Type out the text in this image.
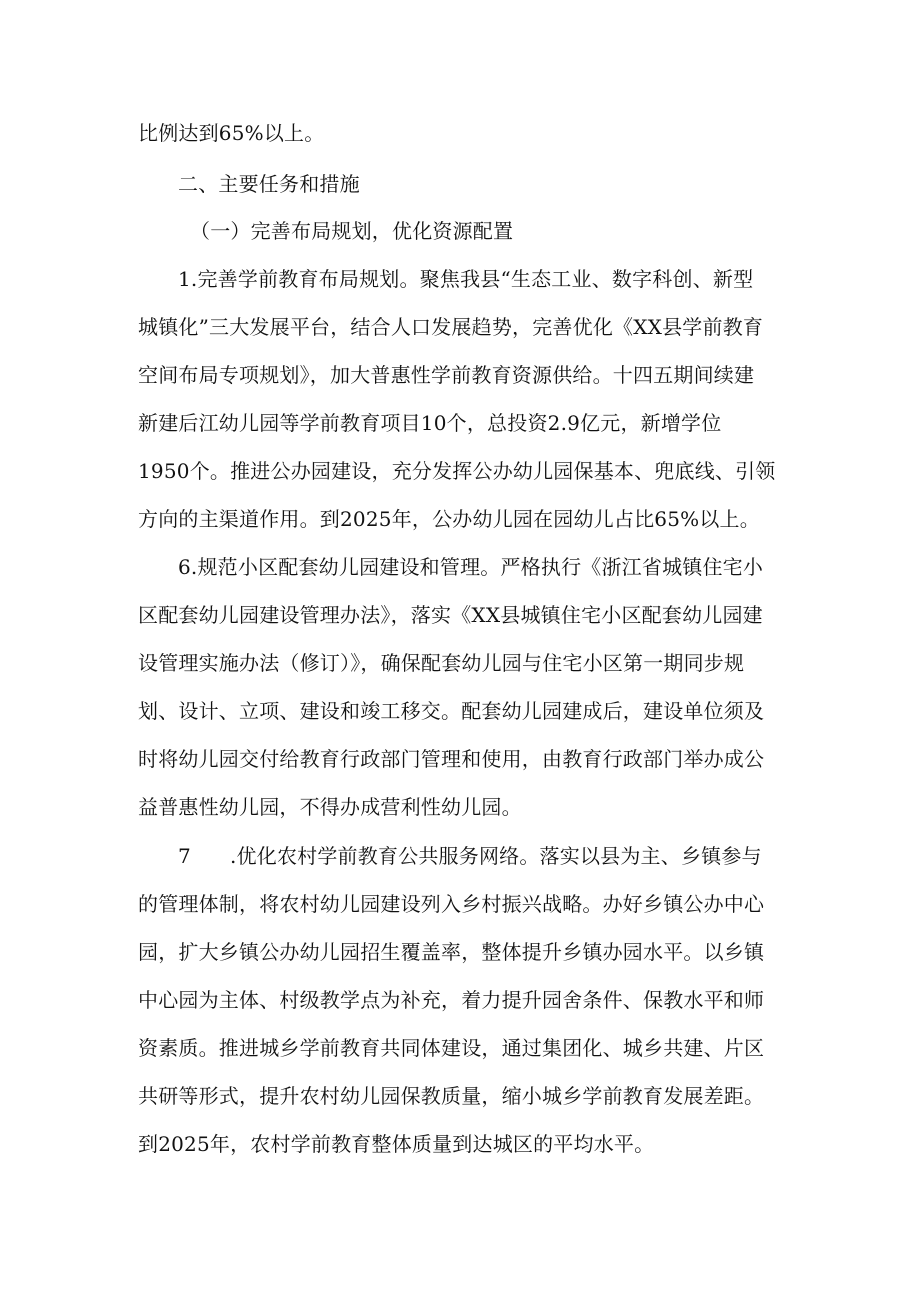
比例达到65%以上。
二、主要任务和措施
（一）完善布局规划，优化资源配置
1.完善学前教育布局规划。聚焦我县“生态工业、数字科创、新型
城镇化”三大发展平台，结合人口发展趋势，完善优化《XX县学前教育
空间布局专项规划》，加大普惠性学前教育资源供给。十四五期间续建
新建后江幼儿园等学前教育项目10个，总投资2.9亿元，新增学位
1950个。推进公办园建设，充分发挥公办幼儿园保基本、兜底线、引领
方向的主渠道作用。到2025年，公办幼儿园在园幼儿占比65%以上。
6.规范小区配套幼儿园建设和管理。严格执行《浙江省城镇住宅小
区配套幼儿园建设管理办法》，落实《XX县城镇住宅小区配套幼儿园建
设管理实施办法（修订）》，确保配套幼儿园与住宅小区第一期同步规
划、设计、立项、建设和竣工移交。配套幼儿园建成后，建设单位须及
时将幼儿园交付给教育行政部门管理和使用，由教育行政部门举办成公
益普惠性幼儿园，不得办成营利性幼儿园。
7 .优化农村学前教育公共服务网络。落实以县为主、乡镇参与
的管理体制，将农村幼儿园建设列入乡村振兴战略。办好乡镇公办中心
园，扩大乡镇公办幼儿园招生覆盖率，整体提升乡镇办园水平。以乡镇
中心园为主体、村级教学点为补充，着力提升园舍条件、保教水平和师
资素质。推进城乡学前教育共同体建设，通过集团化、城乡共建、片区
共研等形式，提升农村幼儿园保教质量，缩小城乡学前教育发展差距。
到2025年，农村学前教育整体质量到达城区的平均水平。
